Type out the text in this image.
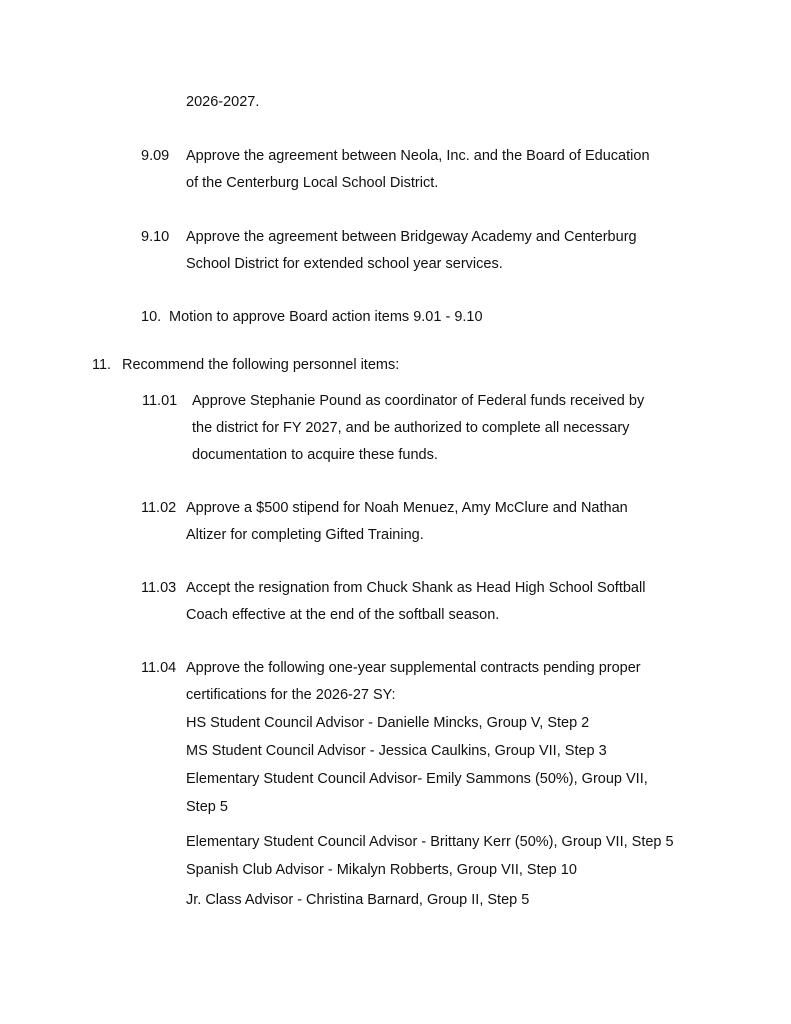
2026-2027.
9.09 Approve the agreement between Neola, Inc. and the Board of Education
of the Centerburg Local School District.
9.10 Approve the agreement between Bridgeway Academy and Centerburg
School District for extended school year services.
10. Motion to approve Board action items 9.01 - 9.10
11. Recommend the following personnel items:
11.01 Approve Stephanie Pound as coordinator of Federal funds received by
the district for FY 2027, and be authorized to complete all necessary
documentation to acquire these funds.
11.02 Approve a $500 stipend for Noah Menuez, Amy McClure and Nathan
Altizer for completing Gifted Training.
11.03 Accept the resignation from Chuck Shank as Head High School Softball
Coach effective at the end of the softball season.
11.04 Approve the following one-year supplemental contracts pending proper
certifications for the 2026-27 SY:
HS Student Council Advisor - Danielle Mincks, Group V, Step 2
MS Student Council Advisor - Jessica Caulkins, Group VII, Step 3
Elementary Student Council Advisor- Emily Sammons (50%), Group VII,
Step 5
Elementary Student Council Advisor - Brittany Kerr (50%), Group VII, Step 5
Spanish Club Advisor - Mikalyn Robberts, Group VII, Step 10
Jr. Class Advisor - Christina Barnard, Group II, Step 5
